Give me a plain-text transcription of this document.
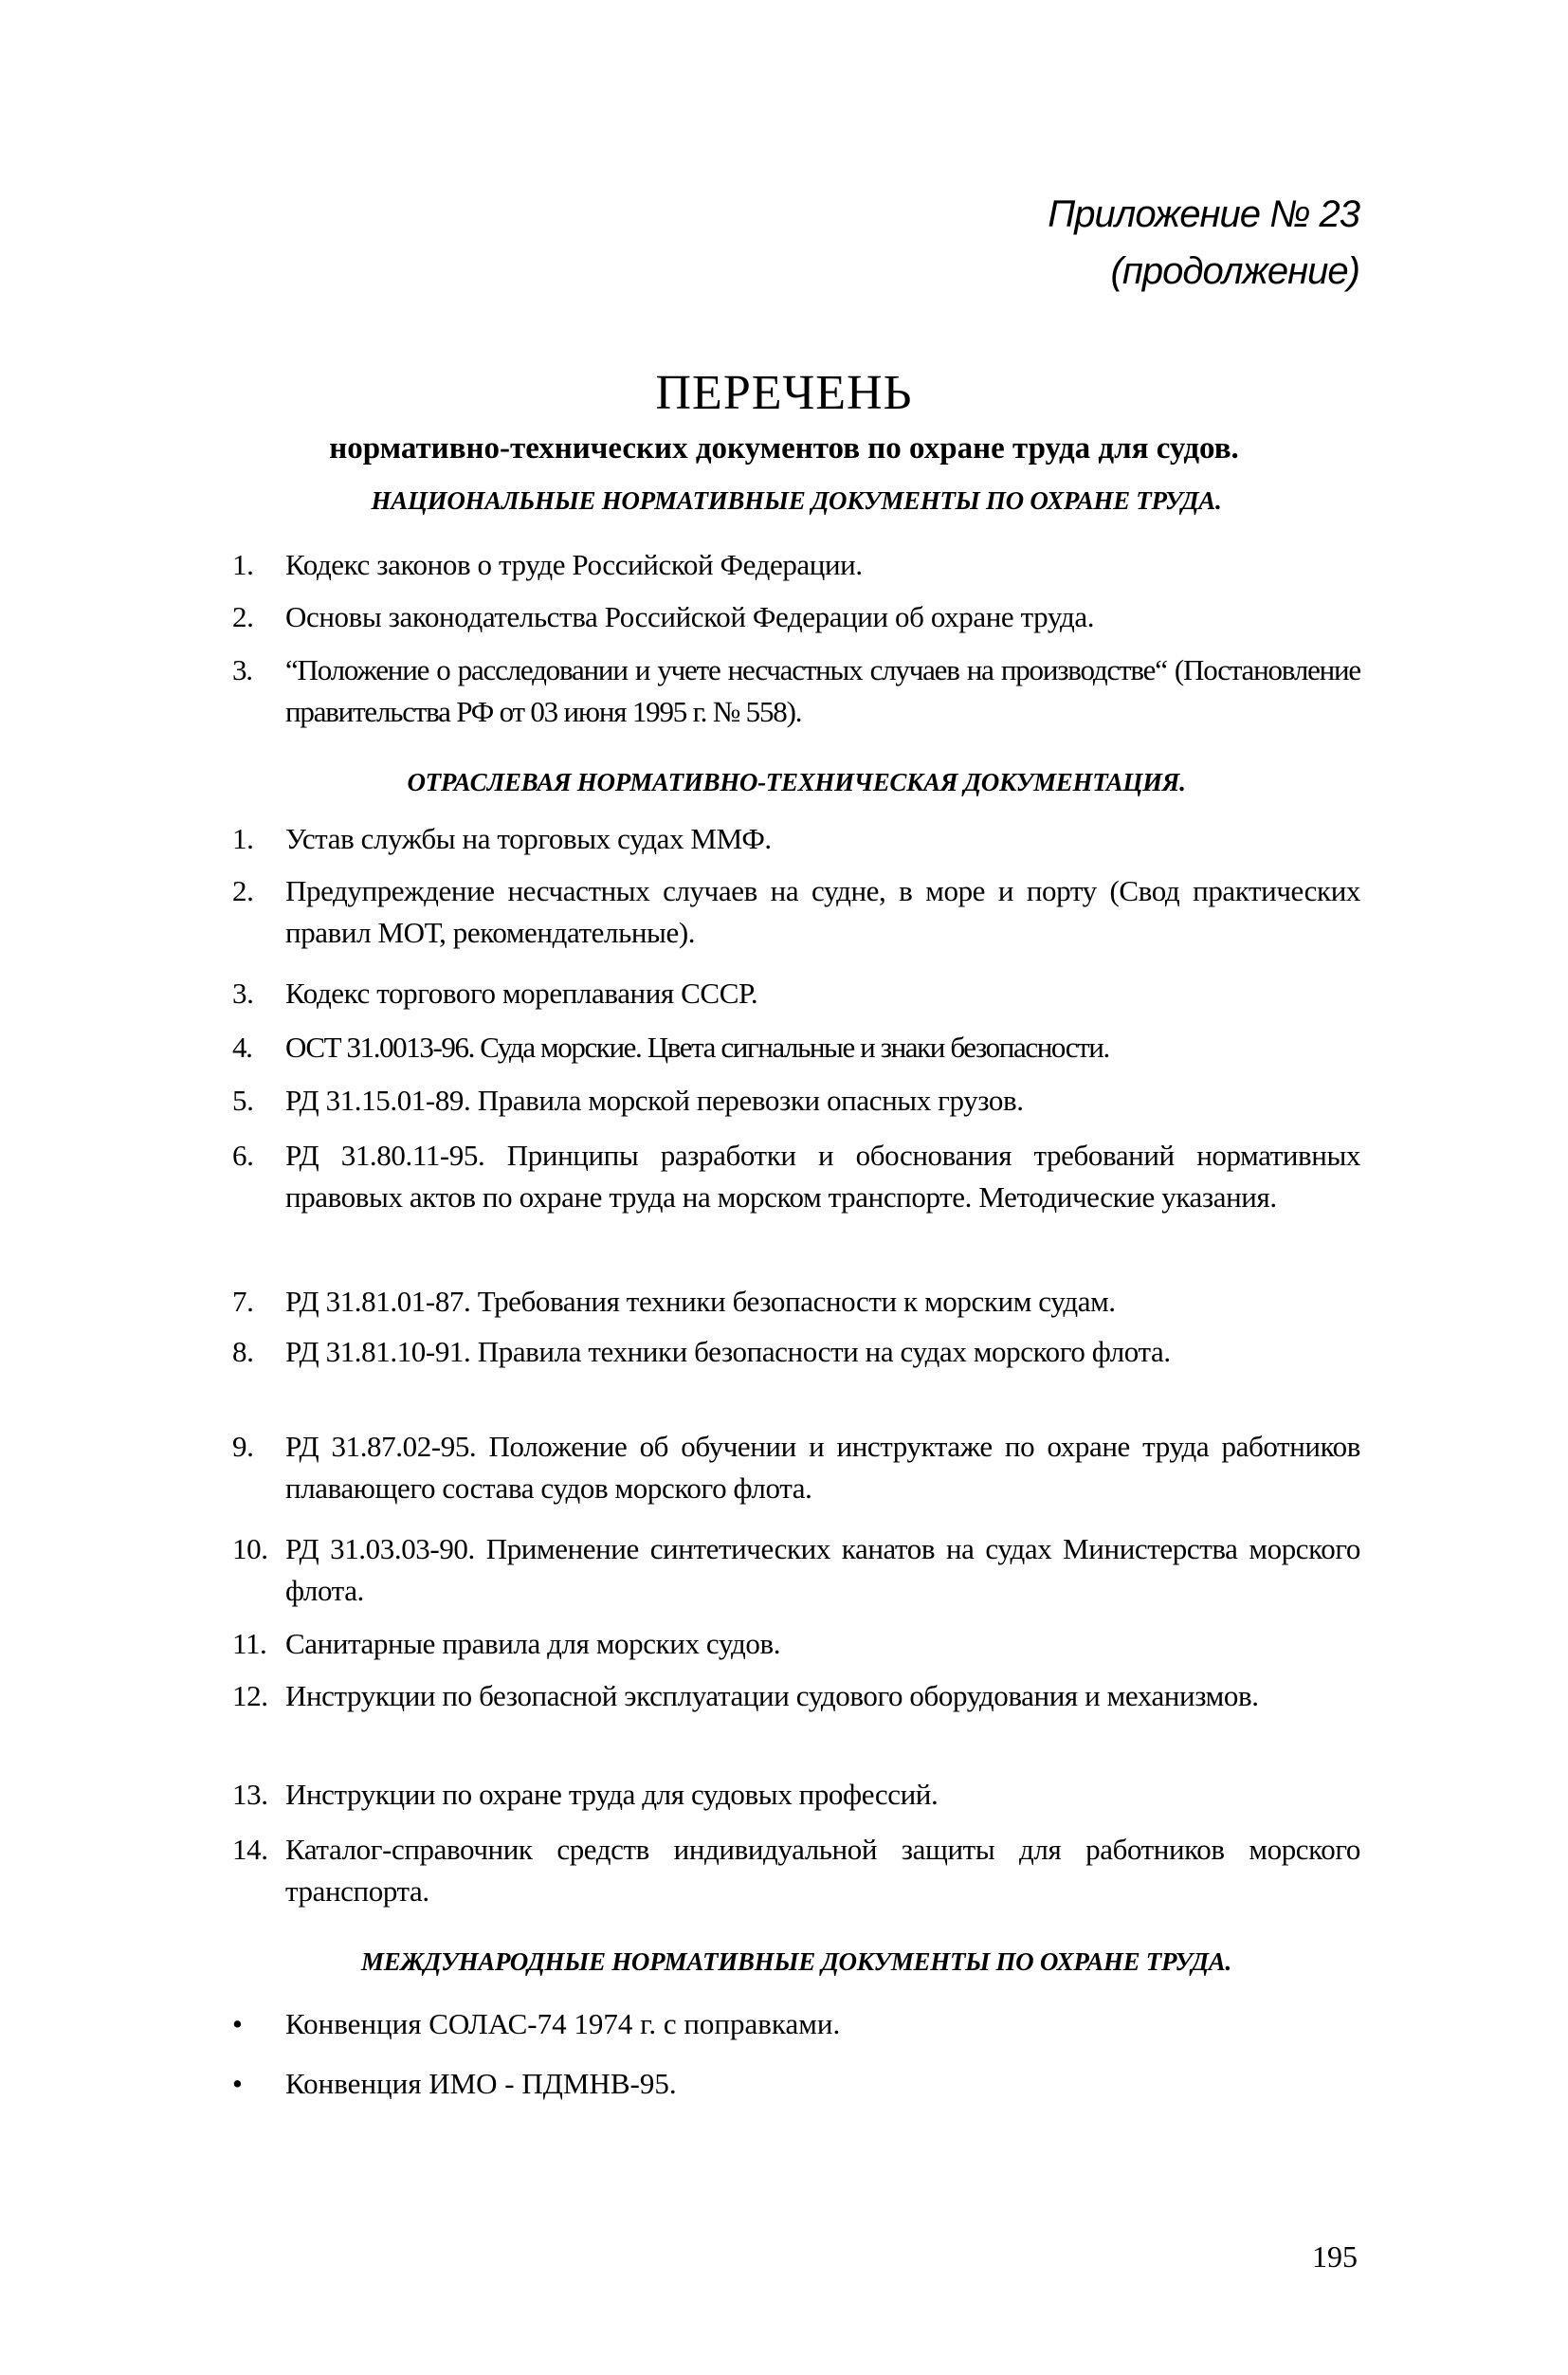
Приложение № 23
(продолжение)
ПЕРЕЧЕНЬ
нормативно-технических документов по охране труда для судов.
НАЦИОНАЛЬНЫЕ НОРМАТИВНЫЕ ДОКУМЕНТЫ ПО ОХРАНЕ ТРУДА.
1. Кодекс законов о труде Российской Федерации.
2. Основы законодательства Российской Федерации об охране труда.
3. “Положение о расследовании и учете несчастных случаев на производстве“ (Постановление правительства РФ от 03 июня 1995 г. № 558).
ОТРАСЛЕВАЯ НОРМАТИВНО-ТЕХНИЧЕСКАЯ ДОКУМЕНТАЦИЯ.
1. Устав службы на торговых судах ММФ.
2. Предупреждение несчастных случаев на судне, в море и порту (Свод практических правил МОТ, рекомендательные).
3. Кодекс торгового мореплавания СССР.
4. ОСТ 31.0013-96. Суда морские. Цвета сигнальные и знаки безопасности.
5. РД 31.15.01-89. Правила морской перевозки опасных грузов.
6. РД 31.80.11-95. Принципы разработки и обоснования требований нормативных правовых актов по охране труда на морском транспорте. Методические указания.
7. РД 31.81.01-87. Требования техники безопасности к морским судам.
8. РД 31.81.10-91. Правила техники безопасности на судах морского флота.
9. РД 31.87.02-95. Положение об обучении и инструктаже по охране труда работников плавающего состава судов морского флота.
10. РД 31.03.03-90. Применение синтетических канатов на судах Министерства морского флота.
11. Санитарные правила для морских судов.
12. Инструкции по безопасной эксплуатации судового оборудования и механизмов.
13. Инструкции по охране труда для судовых профессий.
14. Каталог-справочник средств индивидуальной защиты для работников морского транспорта.
МЕЖДУНАРОДНЫЕ НОРМАТИВНЫЕ ДОКУМЕНТЫ ПО ОХРАНЕ ТРУДА.
• Конвенция СОЛАС-74 1974 г. с поправками.
• Конвенция ИМО - ПДМНВ-95.
195
